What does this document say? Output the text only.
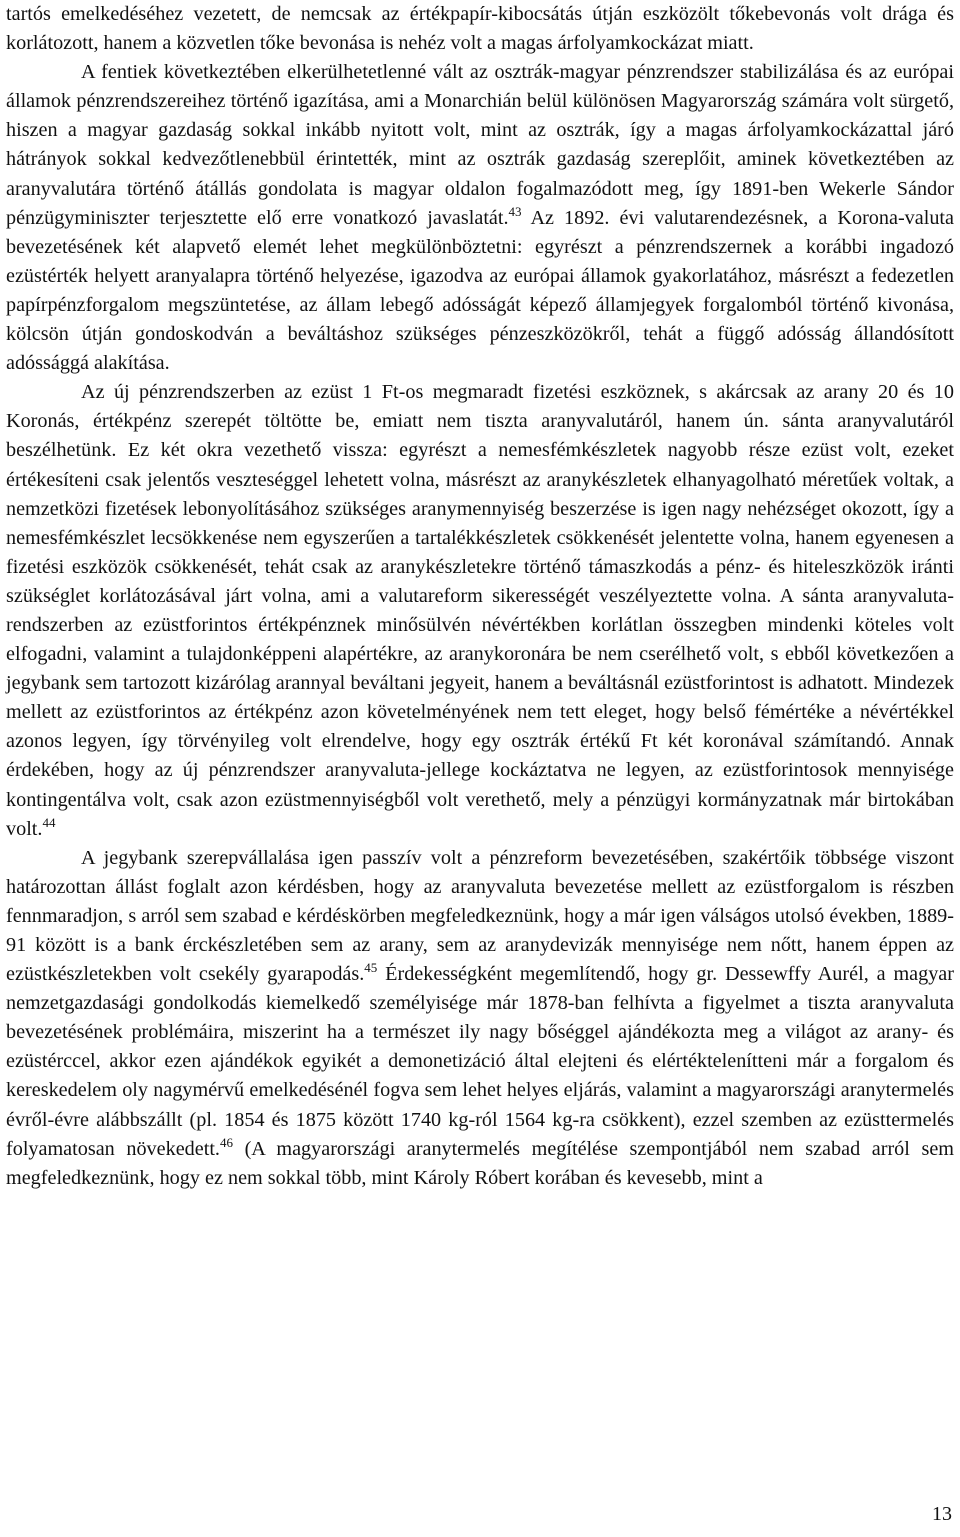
tartós emelkedéséhez vezetett, de nemcsak az értékpapír-kibocsátás útján eszközölt tőkebevonás volt drága és korlátozott, hanem a közvetlen tőke bevonása is nehéz volt a magas árfolyamkockázat miatt.

A fentiek következtében elkerülhetetlenné vált az osztrák-magyar pénzrendszer stabilizálása és az európai államok pénzrendszereihez történő igazítása, ami a Monarchián belül különösen Magyarország számára volt sürgető, hiszen a magyar gazdaság sokkal inkább nyitott volt, mint az osztrák, így a magas árfolyamkockázattal járó hátrányok sokkal kedvezőtlenebbül érintették, mint az osztrák gazdaság szereplőit, aminek következtében az aranyvalutára történő átállás gondolata is magyar oldalon fogalmazódott meg, így 1891-ben Wekerle Sándor pénzügyminiszter terjesztette elő erre vonatkozó javaslatát.$^{43}$ Az 1892. évi valutarendezésnek, a Korona-valuta bevezetésének két alapvető elemét lehet megkülönböztetni: egyrészt a pénzrendszernek a korábbi ingadozó ezüstérték helyett aranyalapra történő helyezése, igazodva az európai államok gyakorlatához, másrészt a fedezetlen papírpénzforgalom megszüntetése, az állam lebegő adósságát képező államjegyek forgalomból történő kivonása, kölcsön útján gondoskodván a beváltáshoz szükséges pénzeszközökről, tehát a függő adósság állandósított adóssággá alakítása.

Az új pénzrendszerben az ezüst 1 Ft-os megmaradt fizetési eszköznek, s akárcsak az arany 20 és 10 Koronás, értékpénz szerepét töltötte be, emiatt nem tiszta aranyvalutáról, hanem ún. sánta aranyvalutáról beszélhetünk. Ez két okra vezethető vissza: egyrészt a nemesfémkészletek nagyobb része ezüst volt, ezeket értékesíteni csak jelentős veszteséggel lehetett volna, másrészt az aranykészletek elhanyagolható méretűek voltak, a nemzetközi fizetések lebonyolításához szükséges aranymennyiség beszerzése is igen nagy nehézséget okozott, így a nemesfémkészlet lecsökkenése nem egyszerűen a tartalékkészletek csökkenését jelentette volna, hanem egyenesen a fizetési eszközök csökkenését, tehát csak az aranykészletekre történő támaszkodás a pénz- és hiteleszközök iránti szükséglet korlátozásával járt volna, ami a valutareform sikerességét veszélyeztette volna. A sánta aranyvaluta-rendszerben az ezüstforintos értékpénznek minősülvén névértékben korlátlan összegben mindenki köteles volt elfogadni, valamint a tulajdonképpeni alapértékre, az aranykoronára be nem cserélhető volt, s ebből következően a jegybank sem tartozott kizárólag arannyal beváltani jegyeit, hanem a beváltásnál ezüstforintost is adhatott. Mindezek mellett az ezüstforintos az értékpénz azon követelményének nem tett eleget, hogy belső fémértéke a névértékkel azonos legyen, így törvényileg volt elrendelve, hogy egy osztrák értékű Ft két koronával számítandó. Annak érdekében, hogy az új pénzrendszer aranyvaluta-jellege kockáztatva ne legyen, az ezüstforintosok mennyisége kontingentálva volt, csak azon ezüstmennyiségből volt verethető, mely a pénzügyi kormányzatnak már birtokában volt.$^{44}$

A jegybank szerepvállalása igen passzív volt a pénzreform bevezetésében, szakértőik többsége viszont határozottan állást foglalt azon kérdésben, hogy az aranyvaluta bevezetése mellett az ezüstforgalom is részben fennmaradjon, s arról sem szabad e kérdéskörben megfeledkeznünk, hogy a már igen válságos utolsó években, 1889-91 között is a bank érckészletében sem az arany, sem az aranydevizák mennyisége nem nőtt, hanem éppen az ezüstkészletekben volt csekély gyarapodás.$^{45}$ Érdekességként megemlítendő, hogy gr. Dessewffy Aurél, a magyar nemzetgazdasági gondolkodás kiemelkedő személyisége már 1878-ban felhívta a figyelmet a tiszta aranyvaluta bevezetésének problémáira, miszerint ha a természet ily nagy bőséggel ajándékozta meg a világot az arany- és ezüstérccel, akkor ezen ajándékok egyikét a demonetizáció által elejteni és elértéktelenítteni már a forgalom és kereskedelem oly nagymérvű emelkedésénél fogva sem lehet helyes eljárás, valamint a magyarországi aranytermelés évről-évre alábbszállt (pl. 1854 és 1875 között 1740 kg-ról 1564 kg-ra csökkent), ezzel szemben az ezüsttermelés folyamatosan növekedett.$^{46}$ (A magyarországi aranytermelés megítélése szempontjából nem szabad arról sem megfeledkeznünk, hogy ez nem sokkal több, mint Károly Róbert korában és kevesebb, mint a

13
